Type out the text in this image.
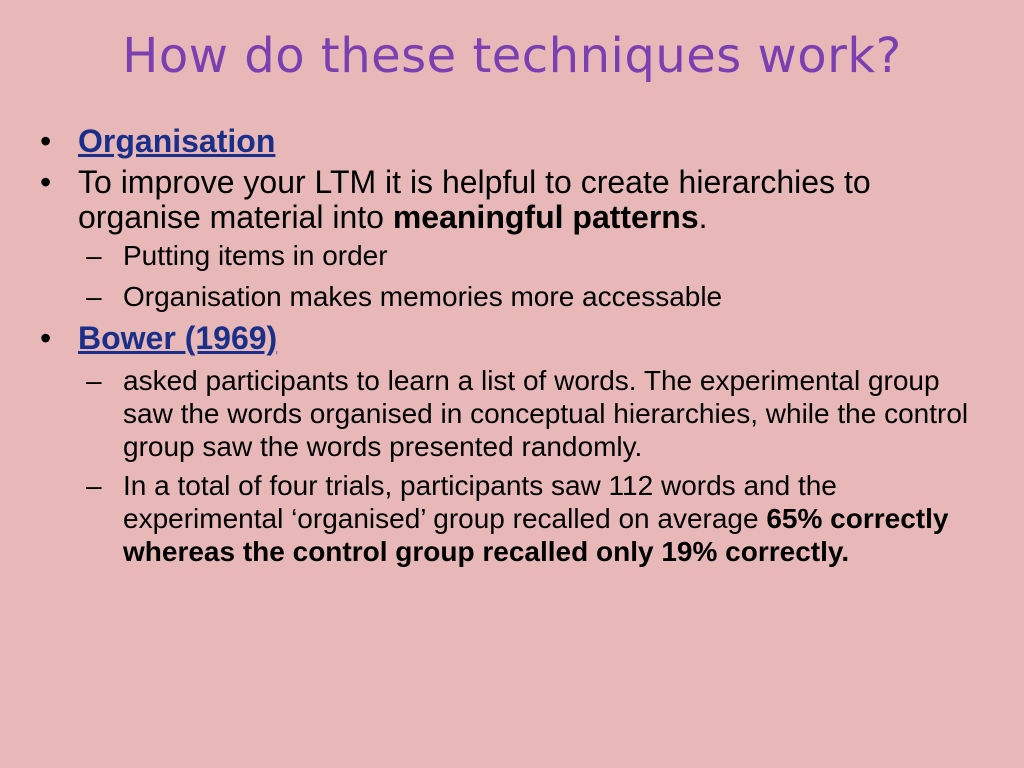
How do these techniques work?
• Organisation
• To improve your LTM it is helpful to create hierarchies to organise material into meaningful patterns.
– Putting items in order
– Organisation makes memories more accessable
• Bower (1969)
– asked participants to learn a list of words. The experimental group saw the words organised in conceptual hierarchies, while the control group saw the words presented randomly.
– In a total of four trials, participants saw 112 words and the experimental ‘organised’ group recalled on average 65% correctly whereas the control group recalled only 19% correctly.
